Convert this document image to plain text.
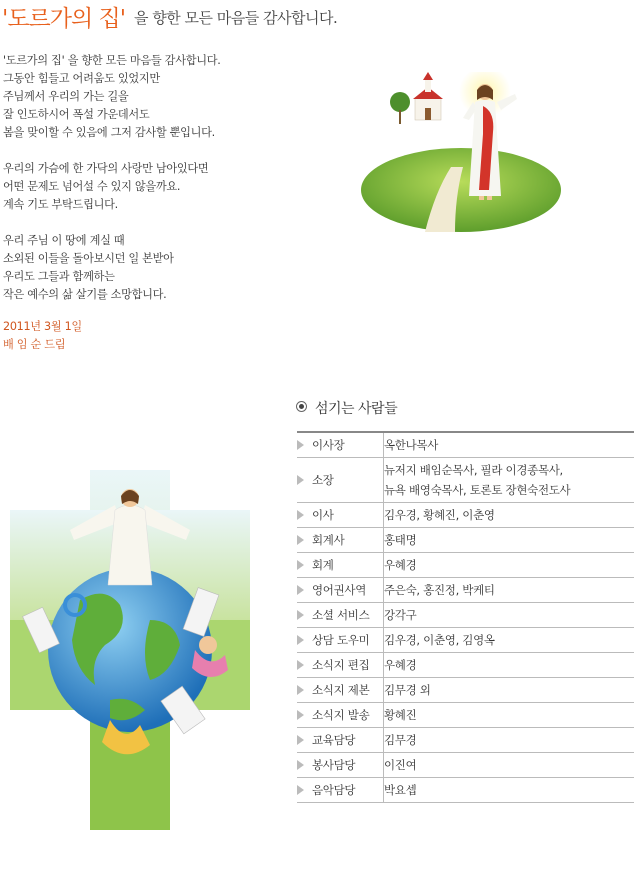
'도르가의 집' 을 향한 모든 마음들 감사합니다.

'도르가의 집' 을 향한 모든 마음들 감사합니다.
그동안 힘들고 어려움도 있었지만
주님께서 우리의 가는 길을
잘 인도하시어 폭설 가운데서도
봄을 맞이할 수 있음에 그저 감사할 뿐입니다.

우리의 가슴에 한 가닥의 사랑만 남아있다면
어떤 문제도 넘어설 수 있지 않을까요.
계속 기도 부탁드립니다.

우리 주님 이 땅에 계실 때
소외된 이들을 돌아보시던 일 본받아
우리도 그들과 함께하는
작은 예수의 삶 살기를 소망합니다.

2011년 3월 1일
배 임 순 드림
섬기는 사람들
이사장	옥한나목사

소장	뉴저지 배임순목사, 필라 이경종목사,
뉴욕 배영숙목사, 토론토 장현숙전도사

이사	김우경, 황혜진, 이춘영

회계사	홍태명

회계	우혜경

영어권사역	주은숙, 홍진정, 박케티

소셜 서비스	강각구

상담 도우미	김우경, 이춘영, 김영옥

소식지 편집	우혜경

소식지 제본	김무경 외

소식지 발송	황혜진

교육담당	김무경

봉사담당	이진여

음악담당	박요셉
